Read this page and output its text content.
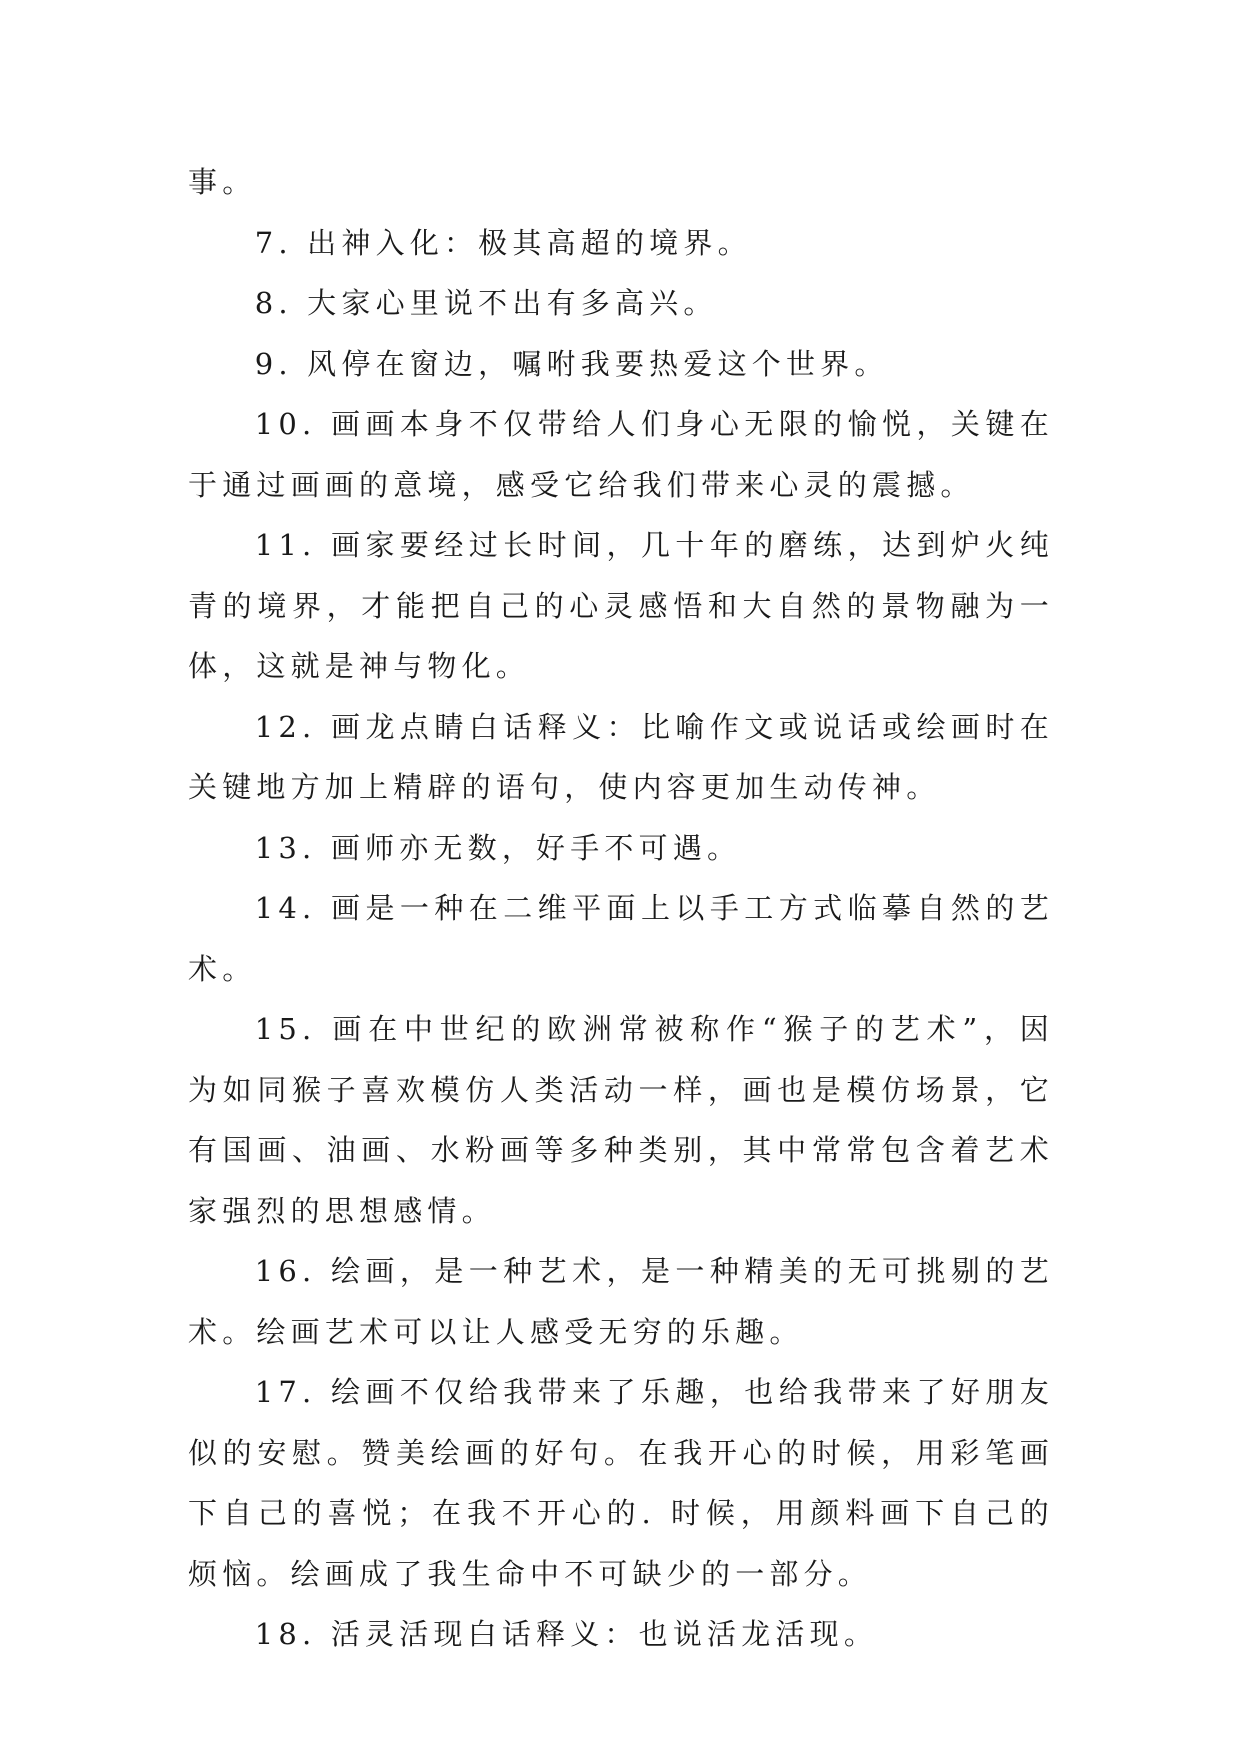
事。

7. 出神入化：极其高超的境界。

8. 大家心里说不出有多高兴。

9. 风停在窗边，嘱咐我要热爱这个世界。

10. 画画本身不仅带给人们身心无限的愉悦，关键在于通过画画的意境，感受它给我们带来心灵的震撼。

11. 画家要经过长时间，几十年的磨练，达到炉火纯青的境界，才能把自己的心灵感悟和大自然的景物融为一体，这就是神与物化。

12. 画龙点睛白话释义：比喻作文或说话或绘画时在关键地方加上精辟的语句，使内容更加生动传神。

13. 画师亦无数，好手不可遇。

14. 画是一种在二维平面上以手工方式临摹自然的艺术。

15. 画在中世纪的欧洲常被称作“猴子的艺术”，因为如同猴子喜欢模仿人类活动一样，画也是模仿场景，它有国画、油画、水粉画等多种类别，其中常常包含着艺术家强烈的思想感情。

16. 绘画，是一种艺术，是一种精美的无可挑剔的艺术。绘画艺术可以让人感受无穷的乐趣。

17. 绘画不仅给我带来了乐趣，也给我带来了好朋友似的安慰。赞美绘画的好句。在我开心的时候，用彩笔画下自己的喜悦；在我不开心的. 时候，用颜料画下自己的烦恼。绘画成了我生命中不可缺少的一部分。

18. 活灵活现白话释义：也说活龙活现。
